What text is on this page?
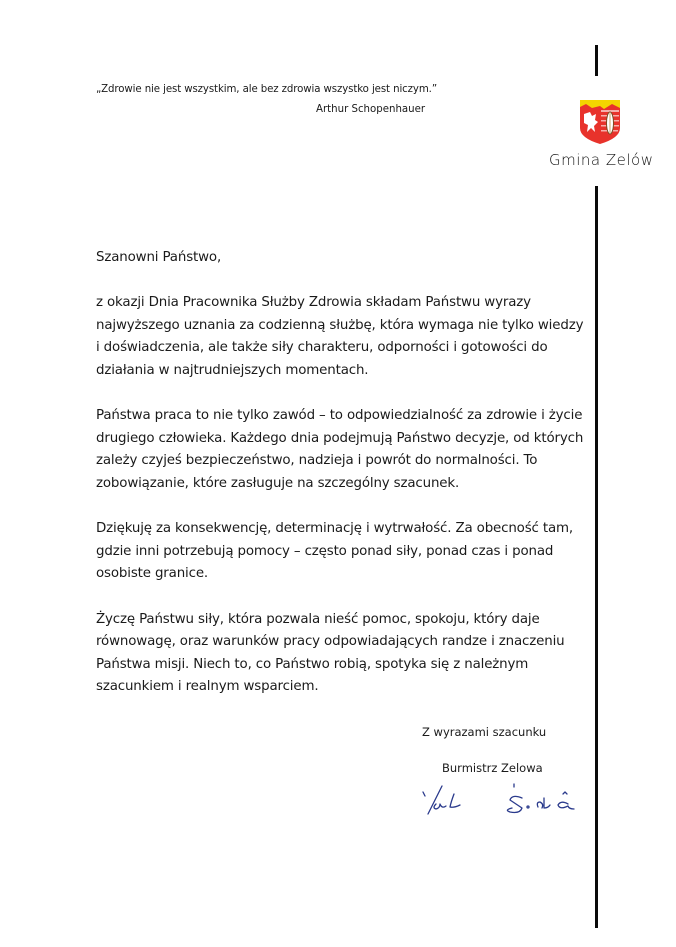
„Zdrowie nie jest wszystkim, ale bez zdrowia wszystko jest niczym.”
Arthur Schopenhauer
Gmina Zelów

Szanowni Państwo,

z okazji Dnia Pracownika Służby Zdrowia składam Państwu wyrazy
najwyższego uznania za codzienną służbę, która wymaga nie tylko wiedzy
i doświadczenia, ale także siły charakteru, odporności i gotowości do
działania w najtrudniejszych momentach.

Państwa praca to nie tylko zawód – to odpowiedzialność za zdrowie i życie
drugiego człowieka. Każdego dnia podejmują Państwo decyzje, od których
zależy czyjeś bezpieczeństwo, nadzieja i powrót do normalności. To
zobowiązanie, które zasługuje na szczególny szacunek.

Dziękuję za konsekwencję, determinację i wytrwałość. Za obecność tam,
gdzie inni potrzebują pomocy – często ponad siły, ponad czas i ponad
osobiste granice.

Życzę Państwu siły, która pozwala nieść pomoc, spokoju, który daje
równowagę, oraz warunków pracy odpowiadających randze i znaczeniu
Państwa misji. Niech to, co Państwo robią, spotyka się z należnym
szacunkiem i realnym wsparciem.

Z wyrazami szacunku
Burmistrz Zelowa
